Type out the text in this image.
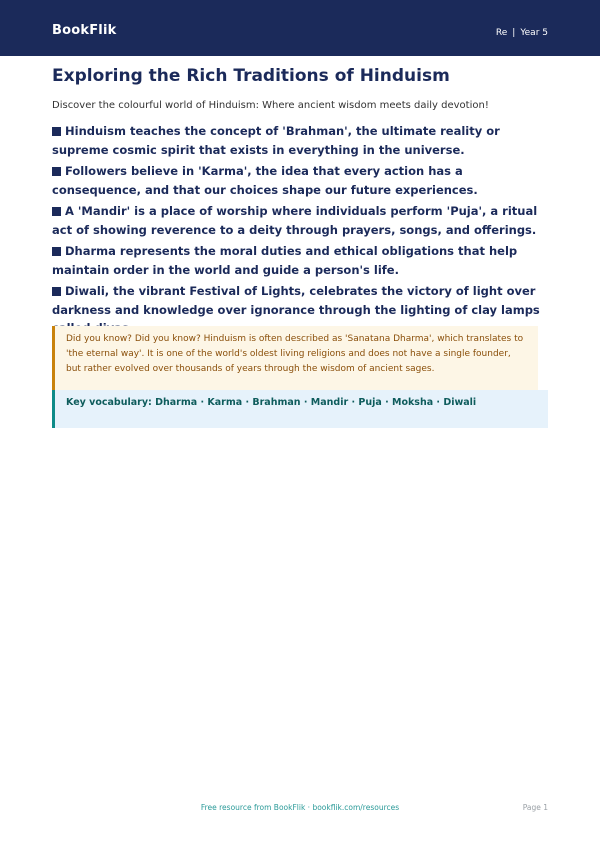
BookFlik	Re | Year 5
Exploring the Rich Traditions of Hinduism

Discover the colourful world of Hinduism: Where ancient wisdom meets daily devotion!

Hinduism teaches the concept of 'Brahman', the ultimate reality or supreme cosmic spirit that exists in everything in the universe.
Followers believe in 'Karma', the idea that every action has a consequence, and that our choices shape our future experiences.
A 'Mandir' is a place of worship where individuals perform 'Puja', a ritual act of showing reverence to a deity through prayers, songs, and offerings.
Dharma represents the moral duties and ethical obligations that help maintain order in the world and guide a person's life.
Diwali, the vibrant Festival of Lights, celebrates the victory of light over darkness and knowledge over ignorance through the lighting of clay lamps
Did you know? Did you know? Hinduism is often described as 'Sanatana Dharma', which translates to 'the eternal way'. It is one of the world's oldest living religions and does not have a single founder, but rather evolved over thousands of years through the wisdom of ancient sages.
Key vocabulary: Dharma · Karma · Brahman · Mandir · Puja · Moksha · Diwali
Free resource from BookFlik · bookflik.com/resources	Page 1
